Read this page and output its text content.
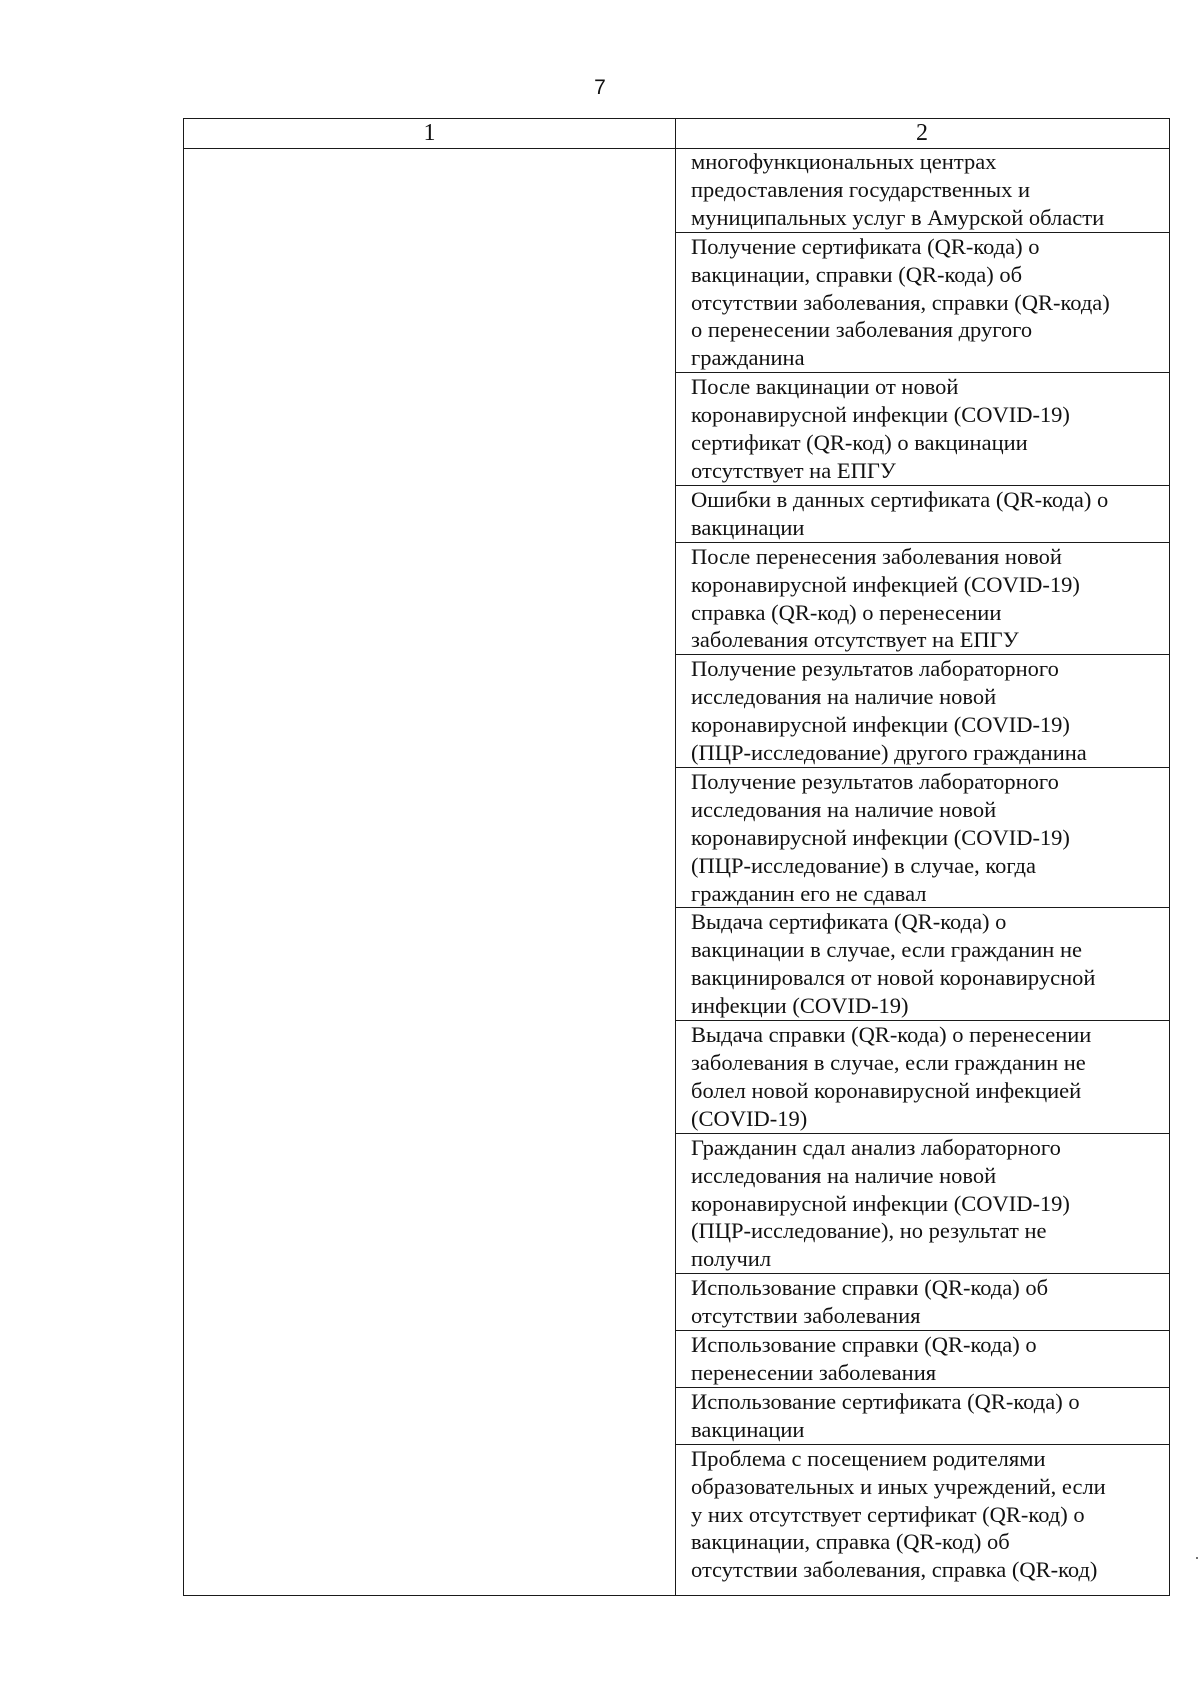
7
1	2
многофункциональных центрах
предоставления государственных и
муниципальных услуг в Амурской области
Получение сертификата (QR-кода) о
вакцинации, справки (QR-кода) об
отсутствии заболевания, справки (QR-кода)
о перенесении заболевания другого
гражданина
После вакцинации от новой
коронавирусной инфекции (COVID-19)
сертификат (QR-код) о вакцинации
отсутствует на ЕПГУ
Ошибки в данных сертификата (QR-кода) о
вакцинации
После перенесения заболевания новой
коронавирусной инфекцией (COVID-19)
справка (QR-код) о перенесении
заболевания отсутствует на ЕПГУ
Получение результатов лабораторного
исследования на наличие новой
коронавирусной инфекции (COVID-19)
(ПЦР-исследование) другого гражданина
Получение результатов лабораторного
исследования на наличие новой
коронавирусной инфекции (COVID-19)
(ПЦР-исследование) в случае, когда
гражданин его не сдавал
Выдача сертификата (QR-кода) о
вакцинации в случае, если гражданин не
вакцинировался от новой коронавирусной
инфекции (COVID-19)
Выдача справки (QR-кода) о перенесении
заболевания в случае, если гражданин не
болел новой коронавирусной инфекцией
(COVID-19)
Гражданин сдал анализ лабораторного
исследования на наличие новой
коронавирусной инфекции (COVID-19)
(ПЦР-исследование), но результат не
получил
Использование справки (QR-кода) об
отсутствии заболевания
Использование справки (QR-кода) о
перенесении заболевания
Использование сертификата (QR-кода) о
вакцинации
Проблема с посещением родителями
образовательных и иных учреждений, если
у них отсутствует сертификат (QR-код) о
вакцинации, справка (QR-код) об
отсутствии заболевания, справка (QR-код)
